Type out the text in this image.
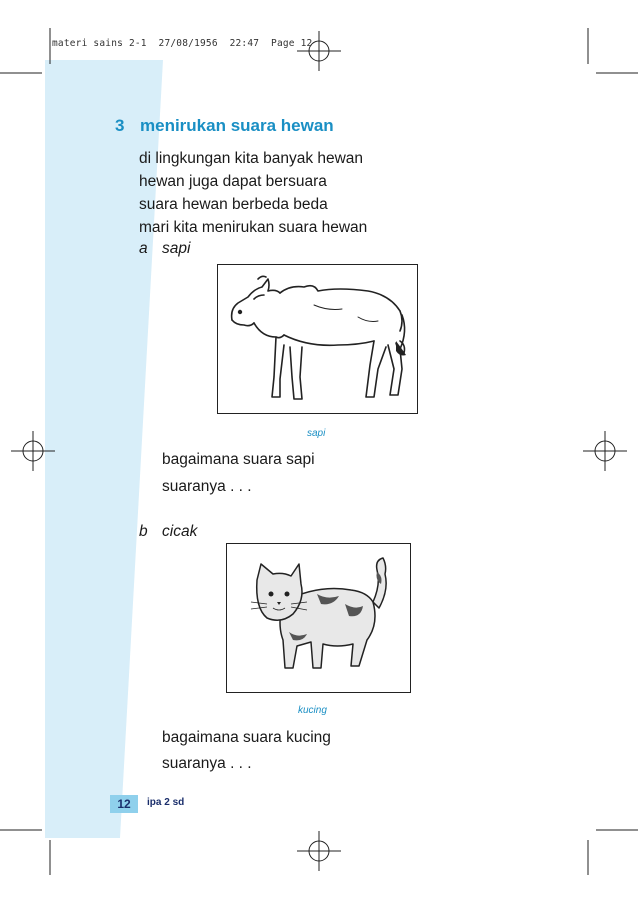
materi sains 2-1  27/08/1956  22:47  Page 12
3 menirukan suara hewan
di lingkungan kita banyak hewan
hewan juga dapat bersuara
suara hewan berbeda beda
mari kita menirukan suara hewan
a sapi
sapi
bagaimana suara sapi
suaranya . . .
b cicak
kucing
bagaimana suara kucing
suaranya . . .
12	ipa 2 sd
